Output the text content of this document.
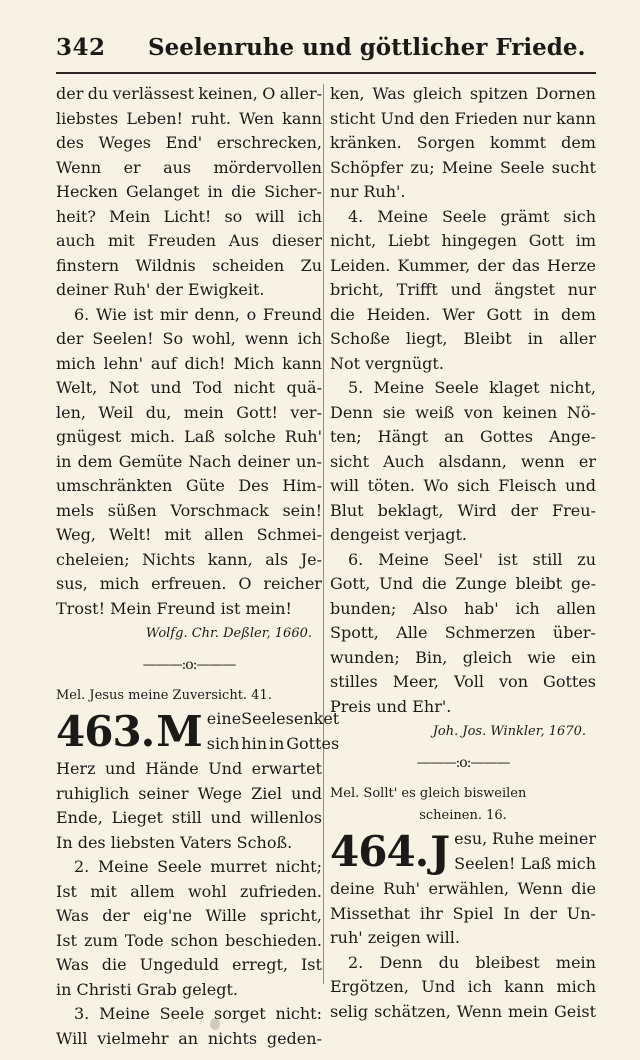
342 Seelenruhe und göttlicher Friede.
der du verlässest keinen, O aller-
liebstes Leben! ruht. Wen kann
des Weges End' erschrecken,
Wenn er aus mördervollen
Hecken Gelanget in die Sicher-
heit? Mein Licht! so will ich
auch mit Freuden Aus dieser
finstern Wildnis scheiden Zu
deiner Ruh' der Ewigkeit.
6. Wie ist mir denn, o Freund
der Seelen! So wohl, wenn ich
mich lehn' auf dich! Mich kann
Welt, Not und Tod nicht quä-
len, Weil du, mein Gott! ver-
gnügest mich. Laß solche Ruh'
in dem Gemüte Nach deiner un-
umschränkten Güte Des Him-
mels süßen Vorschmack sein!
Weg, Welt! mit allen Schmei-
cheleien; Nichts kann, als Je-
sus, mich erfreuen. O reicher
Trost! Mein Freund ist mein!
Wolfg. Chr. Deßler, 1660.
———:o:———
Mel. Jesus meine Zuversicht. 41.
463. M eine Seele senket
sich hin in Gottes
Herz und Hände Und erwartet
ruhiglich seiner Wege Ziel und
Ende, Lieget still und willenlos
In des liebsten Vaters Schoß.
2. Meine Seele murret nicht;
Ist mit allem wohl zufrieden.
Was der eig'ne Wille spricht,
Ist zum Tode schon beschieden.
Was die Ungeduld erregt, Ist
in Christi Grab gelegt.
3. Meine Seele sorget nicht:
Will vielmehr an nichts geden-
ken, Was gleich spitzen Dornen
sticht Und den Frieden nur kann
kränken. Sorgen kommt dem
Schöpfer zu; Meine Seele sucht
nur Ruh'.
4. Meine Seele grämt sich
nicht, Liebt hingegen Gott im
Leiden. Kummer, der das Herze
bricht, Trifft und ängstet nur
die Heiden. Wer Gott in dem
Schoße liegt, Bleibt in aller
Not vergnügt.
5. Meine Seele klaget nicht,
Denn sie weiß von keinen Nö-
ten; Hängt an Gottes Ange-
sicht Auch alsdann, wenn er
will töten. Wo sich Fleisch und
Blut beklagt, Wird der Freu-
dengeist verjagt.
6. Meine Seel' ist still zu
Gott, Und die Zunge bleibt ge-
bunden; Also hab' ich allen
Spott, Alle Schmerzen über-
wunden; Bin, gleich wie ein
stilles Meer, Voll von Gottes
Preis und Ehr'.
Joh. Jos. Winkler, 1670.
———:o:———
Mel. Sollt' es gleich bisweilen
scheinen. 16.
464. J esu, Ruhe meiner
Seelen! Laß mich
deine Ruh' erwählen, Wenn die
Missethat ihr Spiel In der Un-
ruh' zeigen will.
2. Denn du bleibest mein
Ergötzen, Und ich kann mich
selig schätzen, Wenn mein Geist
